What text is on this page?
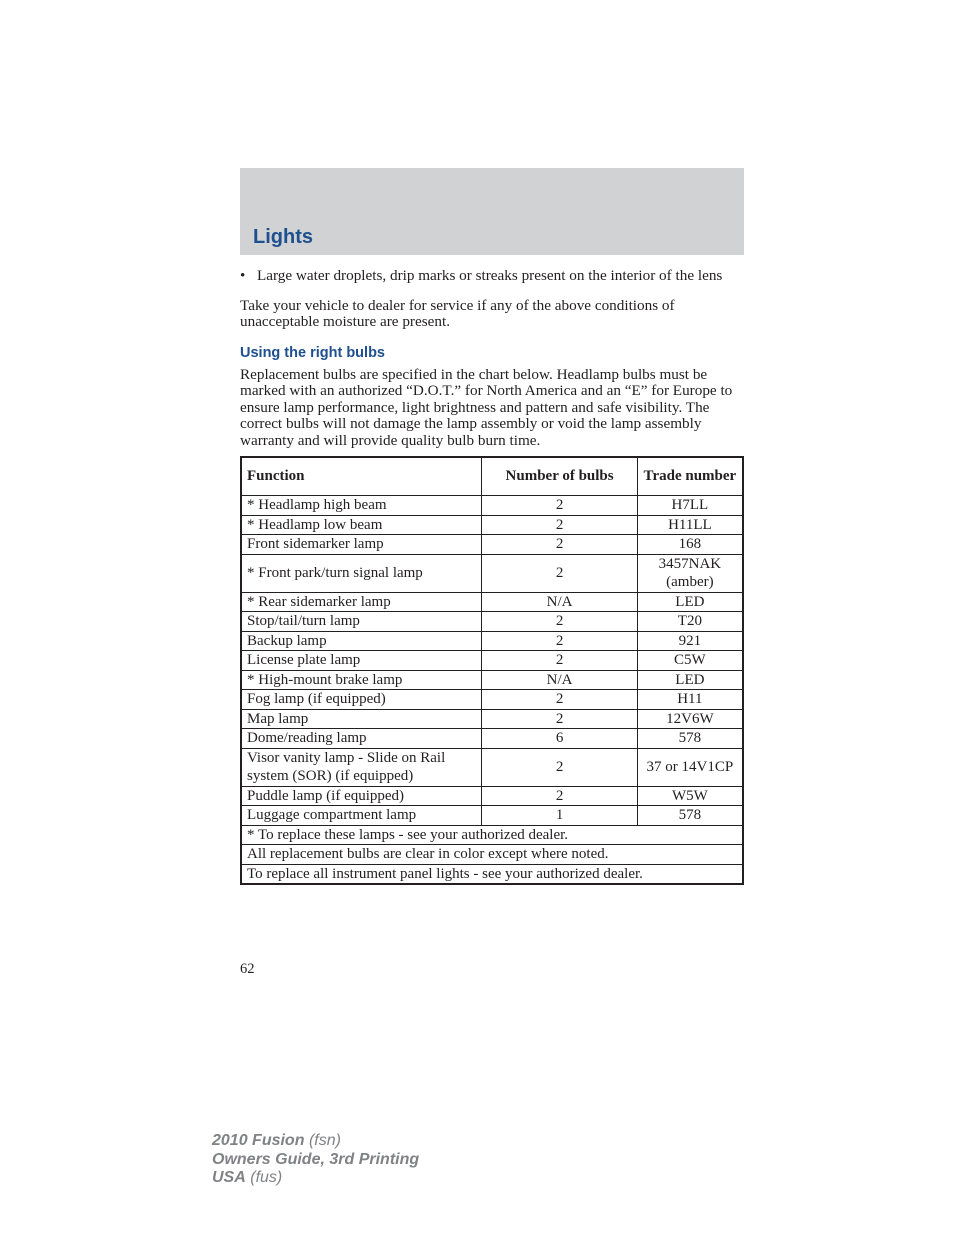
Lights
• Large water droplets, drip marks or streaks present on the interior of the lens

Take your vehicle to dealer for service if any of the above conditions of unacceptable moisture are present.

Using the right bulbs

Replacement bulbs are specified in the chart below. Headlamp bulbs must be marked with an authorized “D.O.T.” for North America and an “E” for Europe to ensure lamp performance, light brightness and pattern and safe visibility. The correct bulbs will not damage the lamp assembly or void the lamp assembly warranty and will provide quality bulb burn time.

Function	Number of bulbs	Trade number
* Headlamp high beam	2	H7LL
* Headlamp low beam	2	H11LL
Front sidemarker lamp	2	168
* Front park/turn signal lamp	2	3457NAK (amber)
* Rear sidemarker lamp	N/A	LED
Stop/tail/turn lamp	2	T20
Backup lamp	2	921
License plate lamp	2	C5W
* High-mount brake lamp	N/A	LED
Fog lamp (if equipped)	2	H11
Map lamp	2	12V6W
Dome/reading lamp	6	578
Visor vanity lamp - Slide on Rail system (SOR) (if equipped)	2	37 or 14V1CP
Puddle lamp (if equipped)	2	W5W
Luggage compartment lamp	1	578
* To replace these lamps - see your authorized dealer.		
All replacement bulbs are clear in color except where noted.		
To replace all instrument panel lights - see your authorized dealer.		
62
2010 Fusion (fsn)
Owners Guide, 3rd Printing
USA (fus)
